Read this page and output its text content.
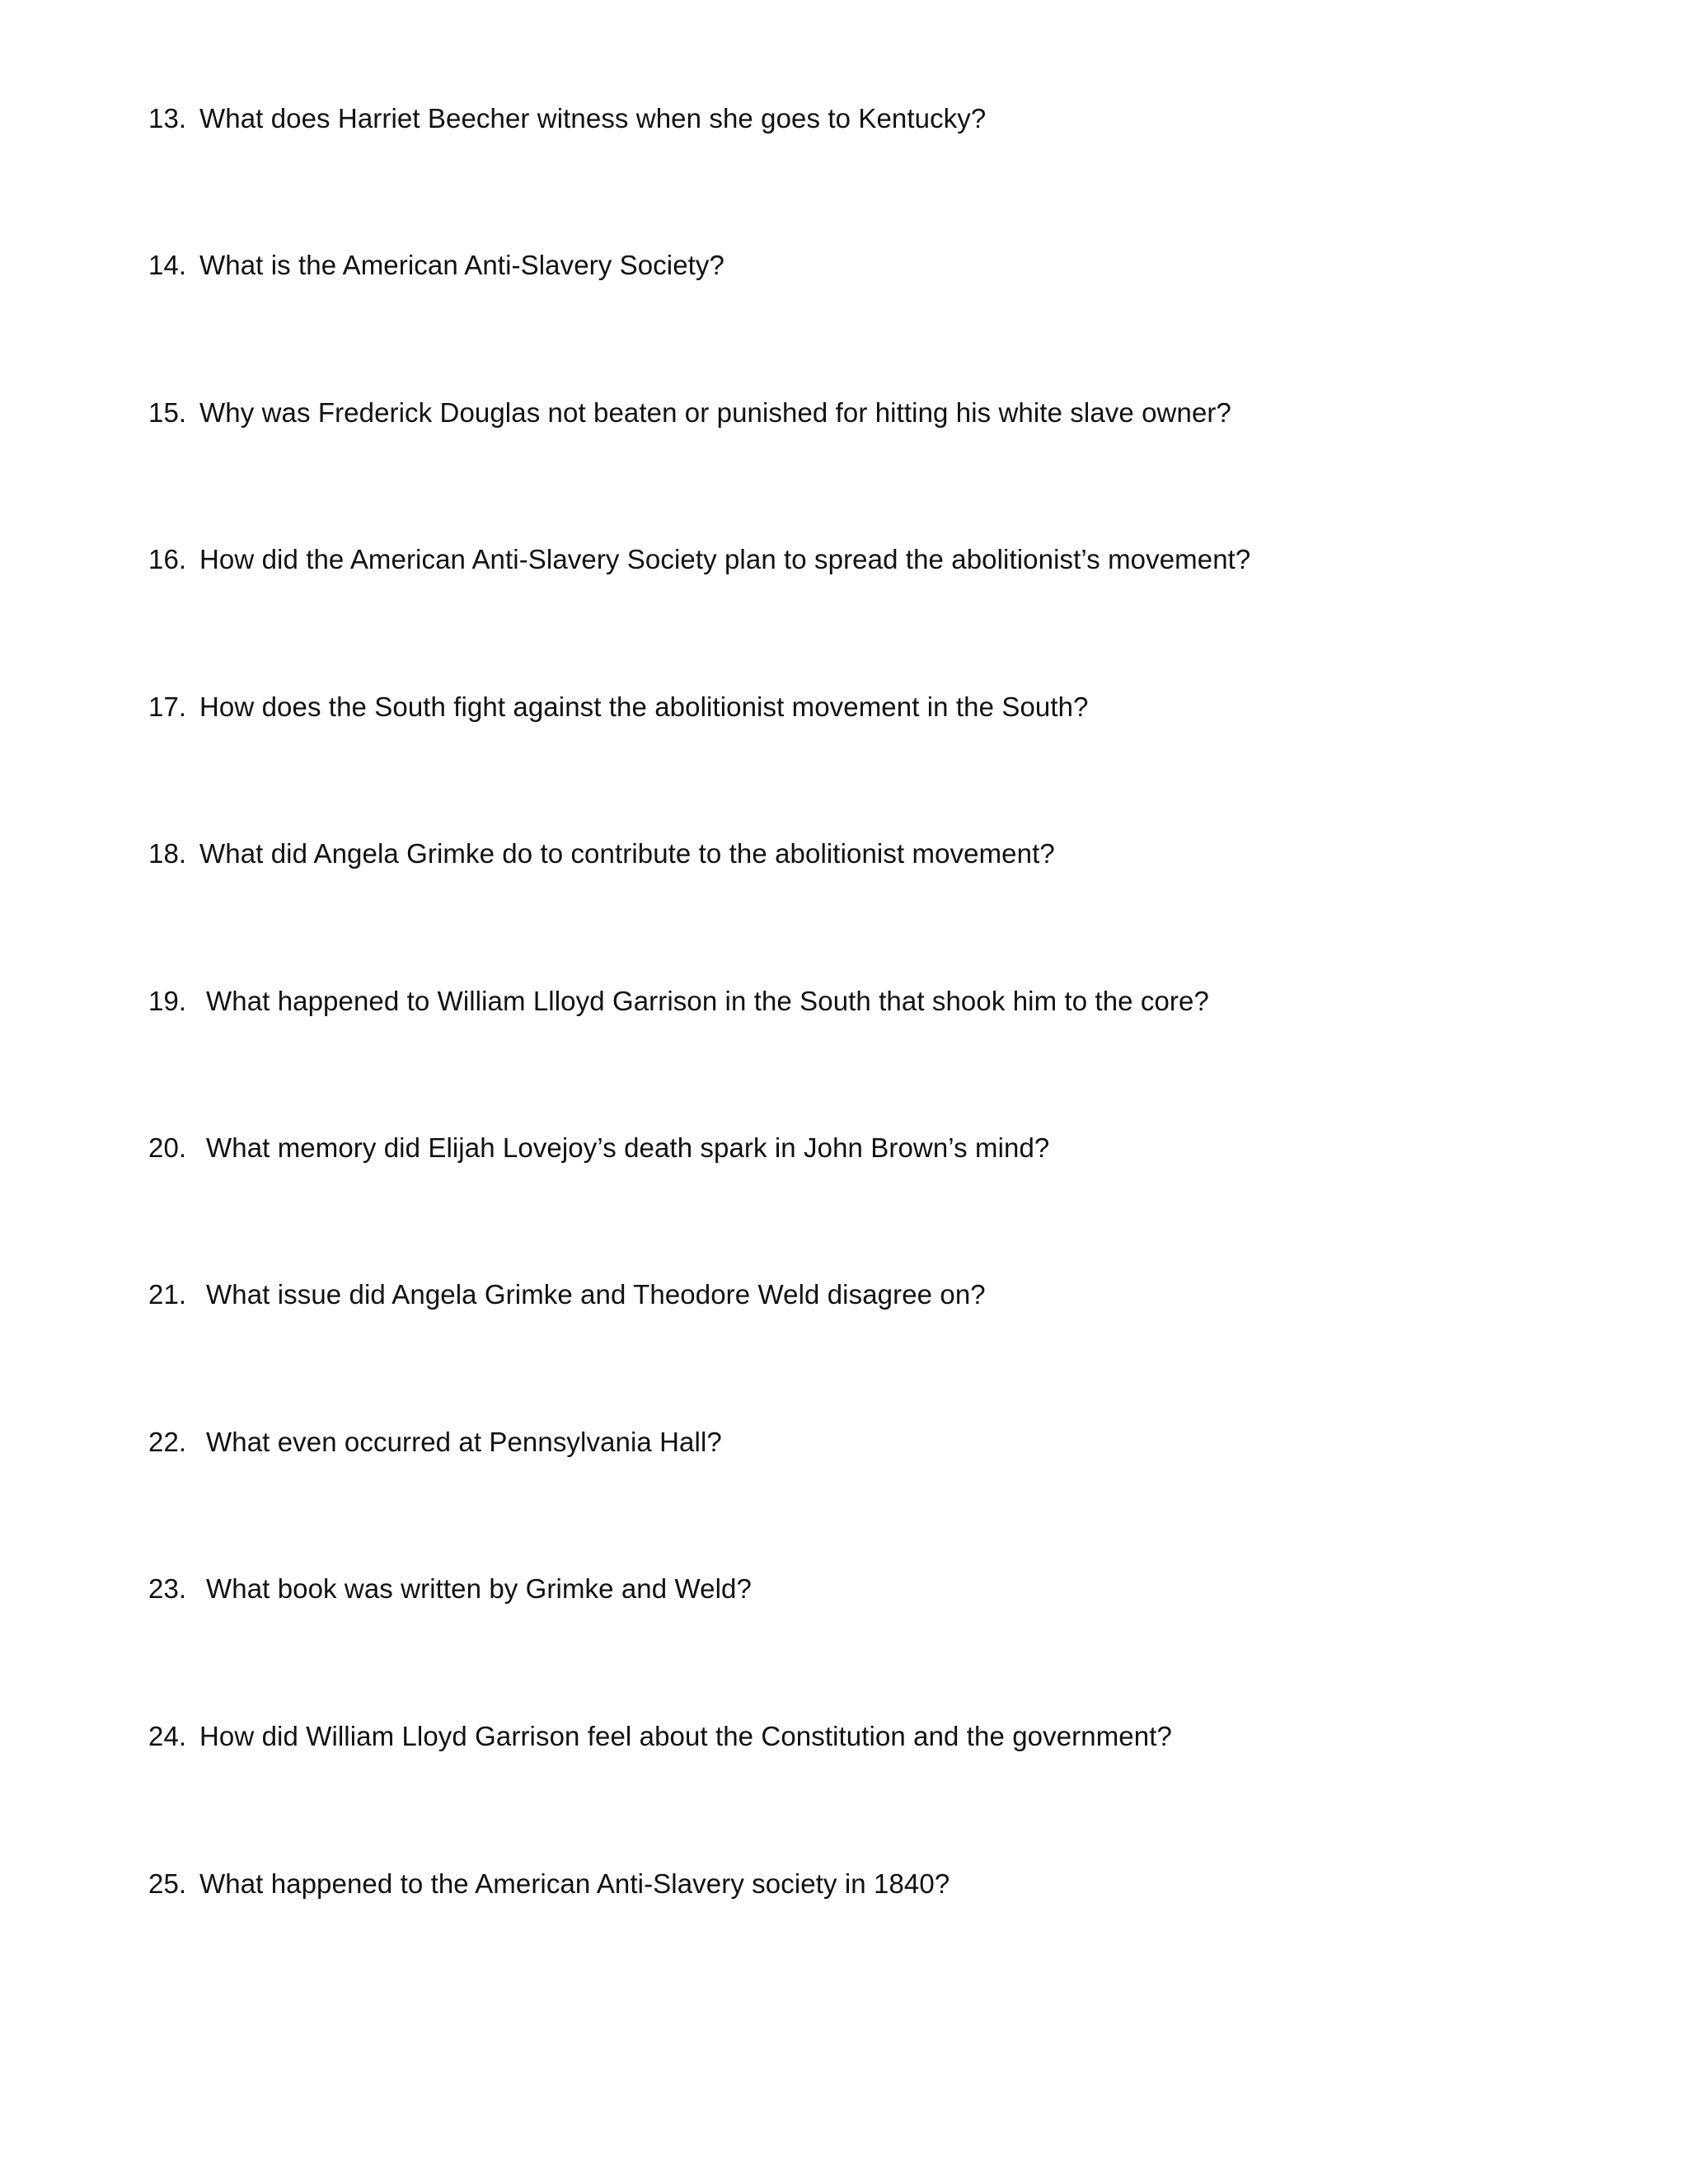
13. What does Harriet Beecher witness when she goes to Kentucky?
14. What is the American Anti-Slavery Society?
15. Why was Frederick Douglas not beaten or punished for hitting his white slave owner?
16. How did the American Anti-Slavery Society plan to spread the abolitionist’s movement?
17. How does the South fight against the abolitionist movement in the South?
18. What did Angela Grimke do to contribute to the abolitionist movement?
19. What happened to William Llloyd Garrison in the South that shook him to the core?
20. What memory did Elijah Lovejoy’s death spark in John Brown’s mind?
21. What issue did Angela Grimke and Theodore Weld disagree on?
22. What even occurred at Pennsylvania Hall?
23. What book was written by Grimke and Weld?
24. How did William Lloyd Garrison feel about the Constitution and the government?
25. What happened to the American Anti-Slavery society in 1840?
